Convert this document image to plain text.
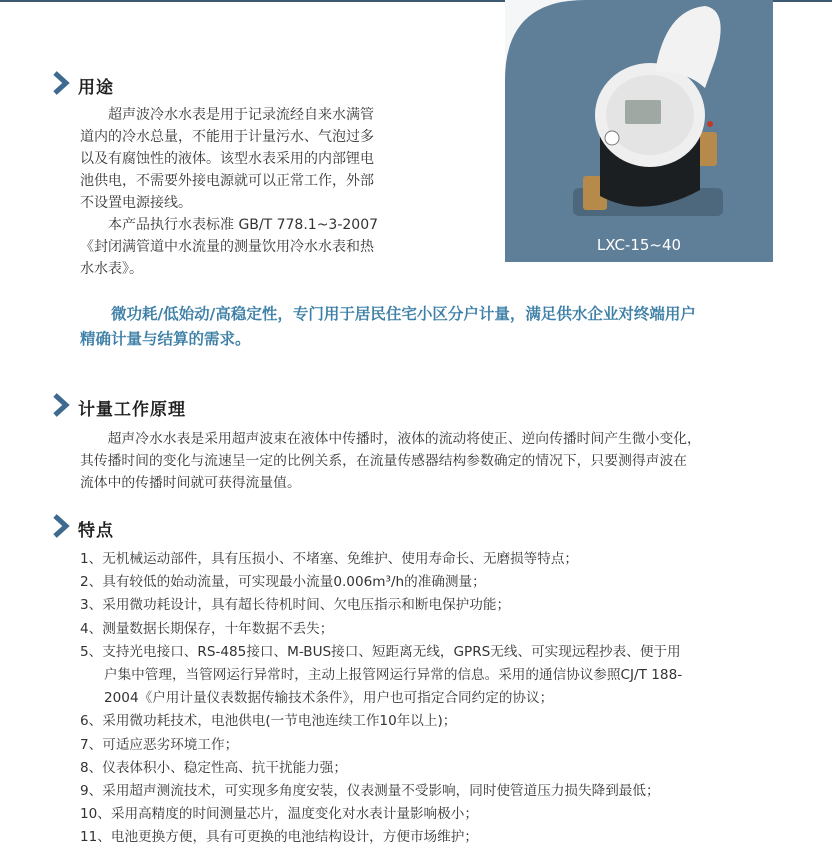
LXC-15~40
用途
超声波冷水水表是用于记录流经自来水满管
道内的冷水总量，不能用于计量污水、气泡过多
以及有腐蚀性的液体。该型水表采用的内部锂电
池供电，不需要外接电源就可以正常工作，外部
不设置电源接线。
本产品执行水表标准 GB/T 778.1~3-2007
《封闭满管道中水流量的测量饮用冷水水表和热
水水表》。
微功耗/低始动/高稳定性，专门用于居民住宅小区分户计量，满足供水企业对终端用户
精确计量与结算的需求。
计量工作原理
超声冷水水表是采用超声波束在液体中传播时，液体的流动将使正、逆向传播时间产生微小变化，
其传播时间的变化与流速呈一定的比例关系，在流量传感器结构参数确定的情况下，只要测得声波在
流体中的传播时间就可获得流量值。
特点
1、无机械运动部件，具有压损小、不堵塞、免维护、使用寿命长、无磨损等特点；
2、具有较低的始动流量，可实现最小流量0.006m³/h的准确测量；
3、采用微功耗设计，具有超长待机时间、欠电压指示和断电保护功能；
4、测量数据长期保存，十年数据不丢失；
5、支持光电接口、RS-485接口、M-BUS接口、短距离无线，GPRS无线、可实现远程抄表、便于用
户集中管理，当管网运行异常时，主动上报管网运行异常的信息。采用的通信协议参照CJ/T 188-
2004《户用计量仪表数据传输技术条件》，用户也可指定合同约定的协议；
6、采用微功耗技术，电池供电(一节电池连续工作10年以上)；
7、可适应恶劣环境工作；
8、仪表体积小、稳定性高、抗干扰能力强；
9、采用超声测流技术，可实现多角度安装，仪表测量不受影响，同时使管道压力损失降到最低；
10、采用高精度的时间测量芯片，温度变化对水表计量影响极小；
11、电池更换方便，具有可更换的电池结构设计，方便市场维护；
